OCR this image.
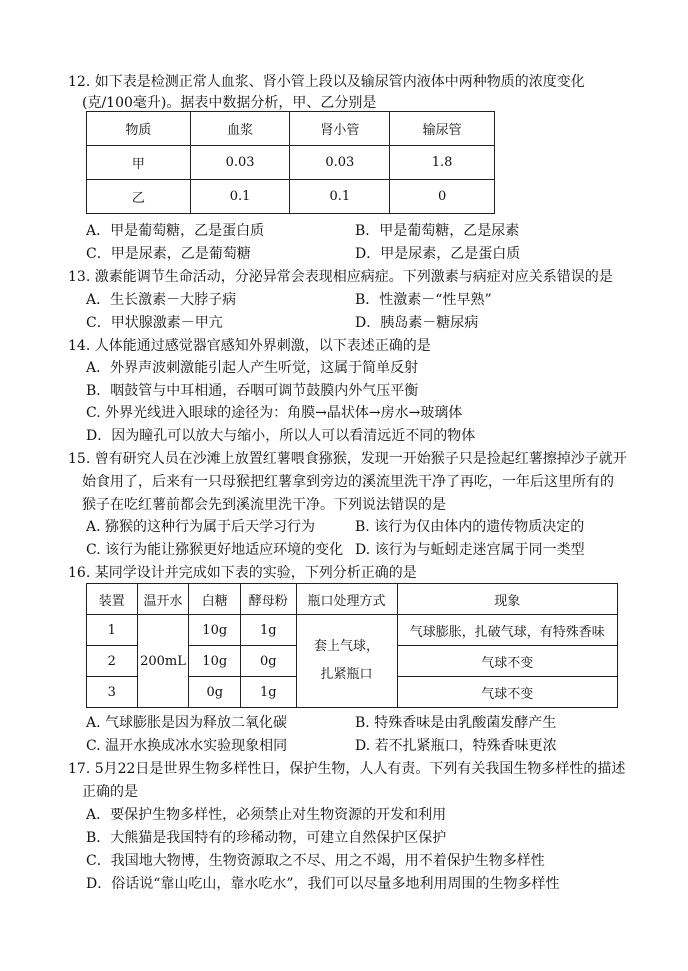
12. 如下表是检测正常人血浆、肾小管上段以及输尿管内液体中两种物质的浓度变化
(克/100毫升)。据表中数据分析，甲、乙分别是
物质	血浆	肾小管	输尿管
甲	0.03	0.03	1.8
乙	0.1	0.1	0
A．甲是葡萄糖，乙是蛋白质	B．甲是葡萄糖，乙是尿素
C．甲是尿素，乙是葡萄糖	D．甲是尿素，乙是蛋白质
13. 激素能调节生命活动，分泌异常会表现相应病症。下列激素与病症对应关系错误的是
A．生长激素－大脖子病	B．性激素－“性早熟”
C．甲状腺激素－甲亢	D．胰岛素－糖尿病
14. 人体能通过感觉器官感知外界刺激，以下表述正确的是
A．外界声波刺激能引起人产生听觉，这属于简单反射
B．咽鼓管与中耳相通，吞咽可调节鼓膜内外气压平衡
C. 外界光线进入眼球的途径为：角膜→晶状体→房水→玻璃体
D．因为瞳孔可以放大与缩小，所以人可以看清远近不同的物体
15. 曾有研究人员在沙滩上放置红薯喂食猕猴，发现一开始猴子只是捡起红薯擦掉沙子就开
始食用了，后来有一只母猴把红薯拿到旁边的溪流里洗干净了再吃，一年后这里所有的
猴子在吃红薯前都会先到溪流里洗干净。下列说法错误的是
A. 猕猴的这种行为属于后天学习行为	B. 该行为仅由体内的遗传物质决定的
C. 该行为能让猕猴更好地适应环境的变化 D. 该行为与蚯蚓走迷宫属于同一类型
16. 某同学设计并完成如下表的实验，下列分析正确的是
装置	温开水	白糖	酵母粉	瓶口处理方式	现象
1	200mL	10g	1g	套上气球，
扎紧瓶口	气球膨胀，扎破气球，有特殊香味
2		10g	0g		气球不变
3		0g	1g		气球不变
A. 气球膨胀是因为释放二氧化碳	B. 特殊香味是由乳酸菌发酵产生
C. 温开水换成冰水实验现象相同	D. 若不扎紧瓶口，特殊香味更浓
17. 5月22日是世界生物多样性日，保护生物，人人有责。下列有关我国生物多样性的描述
正确的是
A．要保护生物多样性，必须禁止对生物资源的开发和利用
B．大熊猫是我国特有的珍稀动物，可建立自然保护区保护
C．我国地大物博，生物资源取之不尽、用之不竭，用不着保护生物多样性
D．俗话说“靠山吃山，靠水吃水”，我们可以尽量多地利用周围的生物多样性
